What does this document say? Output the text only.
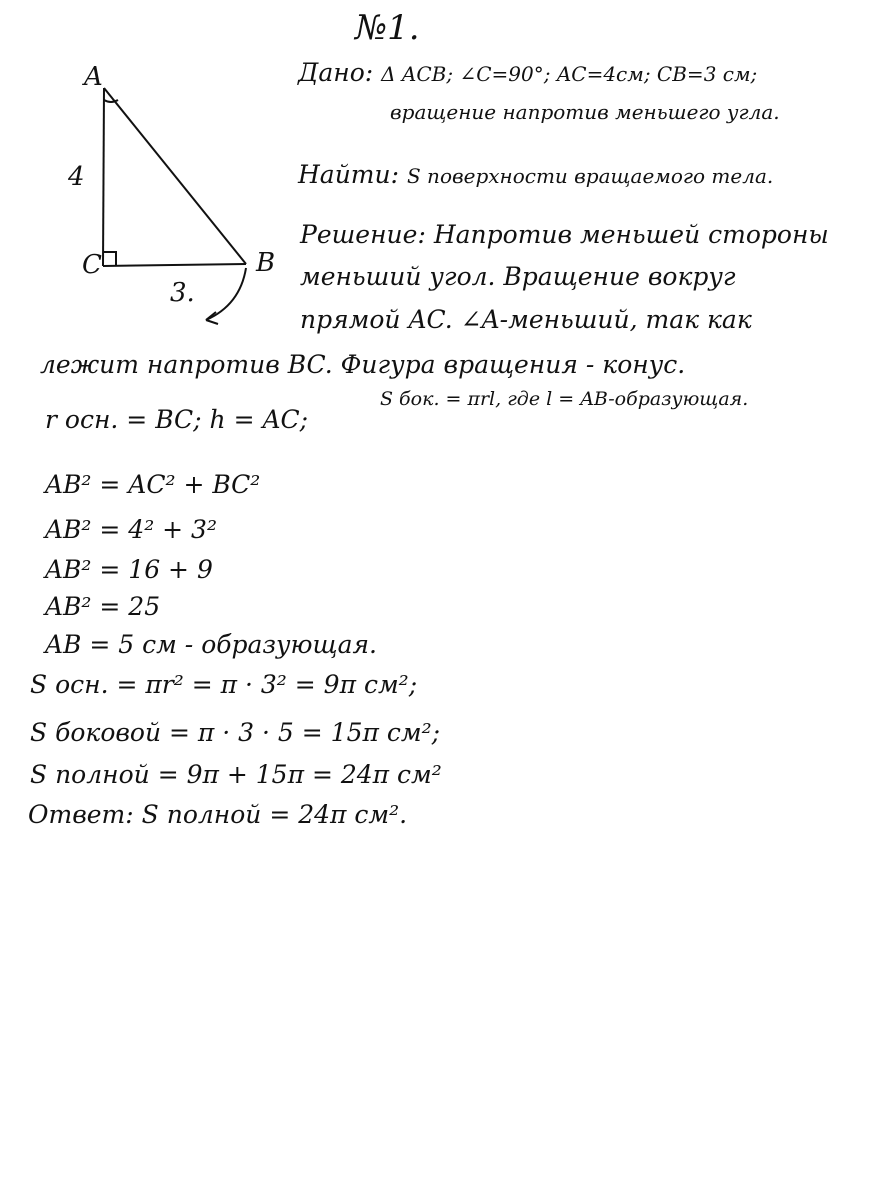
A
4
C	B
3.
№1.
Дано: Δ ACB; ∠C=90°; AC=4см; CB=3 см;
вращение напротив меньшего угла.
Найти: S поверхности вращаемого тела.
Решение: Напротив меньшей стороны
меньший угол. Вращение вокруг
прямой AC. ∠A-меньший, так как
лежит напротив BC. Фигура вращения - конус.
r осн. = BC; h = AC;
S бок. = πrl, где l = AB-образующая.
AB² = AC² + BC²
AB² = 4² + 3²
AB² = 16 + 9
AB² = 25
AB = 5 см - образующая.
S осн. = πr² = π · 3² = 9π см²;
S боковой = π · 3 · 5 = 15π см²;
S полной = 9π + 15π = 24π см²
Ответ: S полной = 24π см².
